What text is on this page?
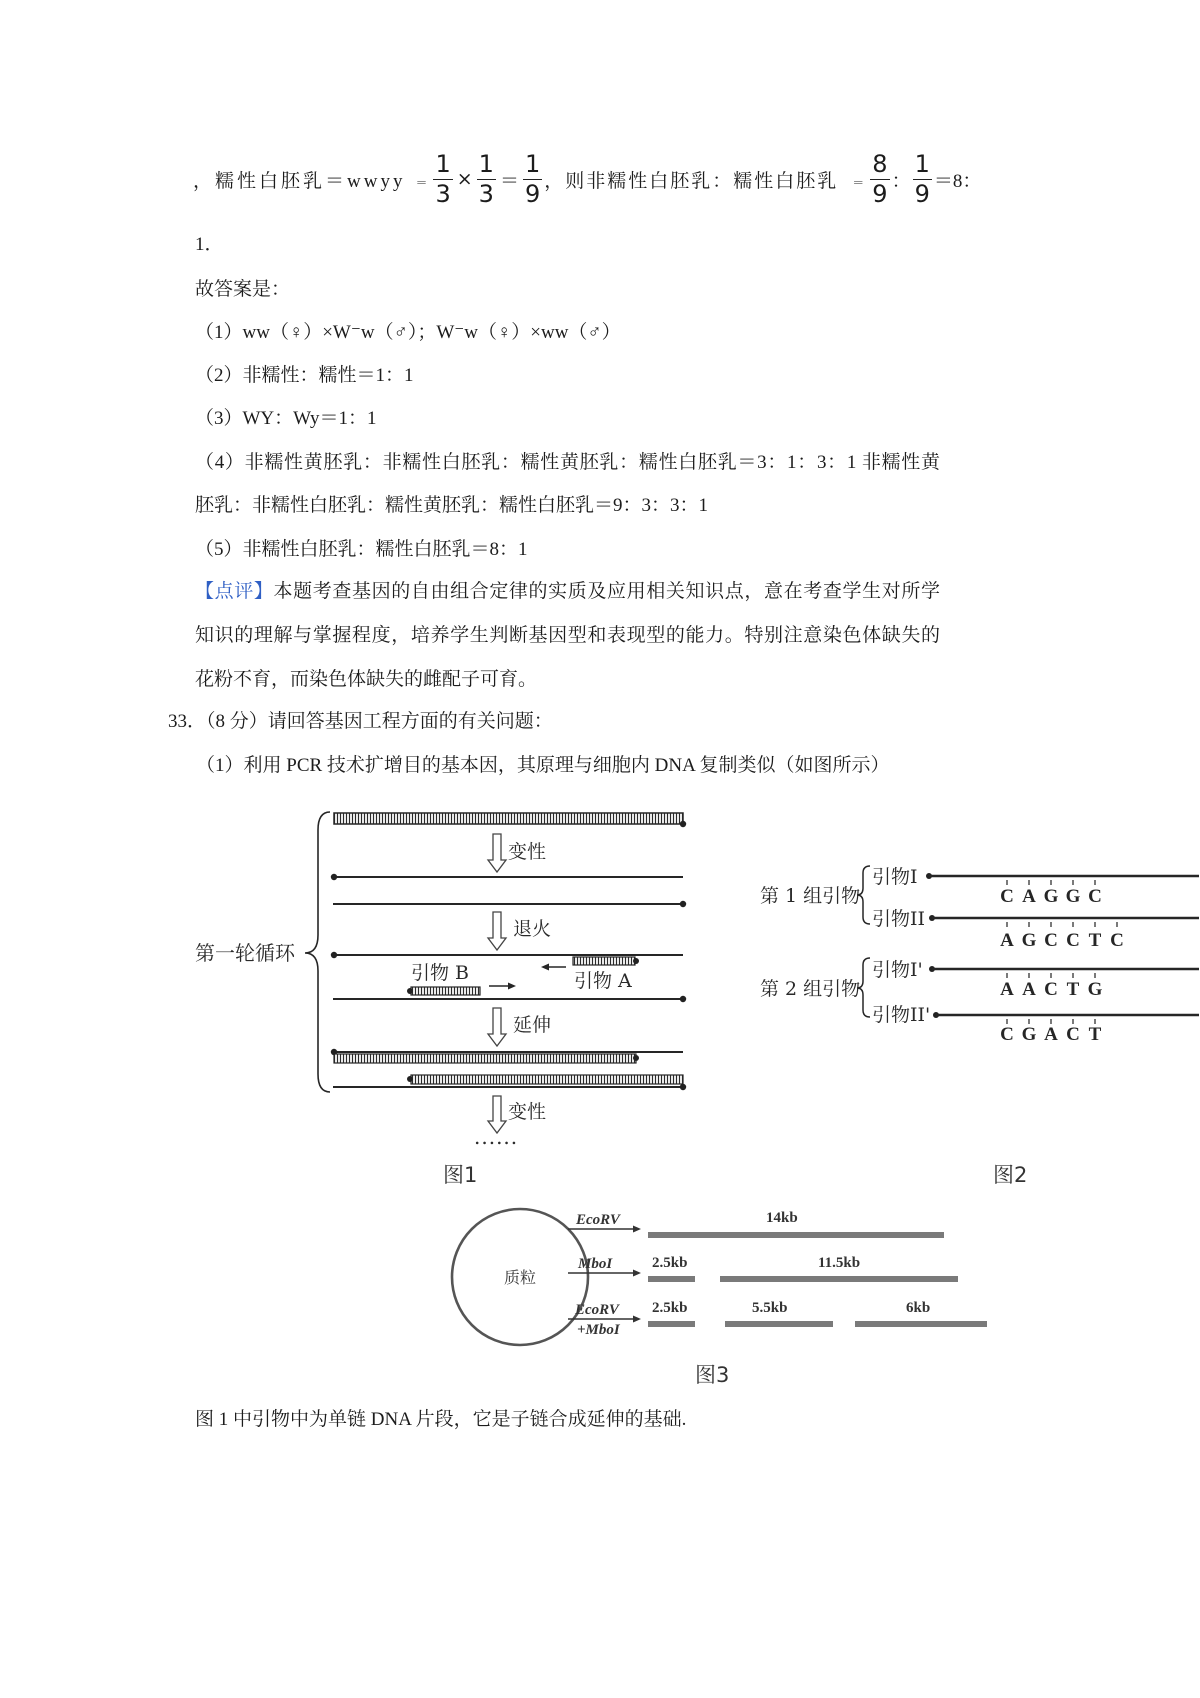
，糯性白胚乳＝wwyy ＝ $\frac{1}{3} \times \frac{1}{3} = \frac{1}{9}$ ，则非糯性白胚乳：糯性白胚乳 ＝ $\frac{8}{9}$ ： $\frac{1}{9} =8$：
1．
故答案是：
（1）ww（♀）×W⁻w（♂）；W⁻w（♀）×ww（♂）
（2）非糯性：糯性＝1：1
（3）WY：Wy＝1：1
（4）非糯性黄胚乳：非糯性白胚乳：糯性黄胚乳：糯性白胚乳＝3：1：3：1 非糯性黄
胚乳：非糯性白胚乳：糯性黄胚乳：糯性白胚乳＝9：3：3：1
（5）非糯性白胚乳：糯性白胚乳＝8：1
【点评】本题考查基因的自由组合定律的实质及应用相关知识点，意在考查学生对所学
知识的理解与掌握程度，培养学生判断基因型和表现型的能力。特别注意染色体缺失的
花粉不育，而染色体缺失的雌配子可育。
33．（8 分）请回答基因工程方面的有关问题：
（1）利用 PCR 技术扩增目的基本因，其原理与细胞内 DNA 复制类似（如图所示）
第一轮循环
变性
退火
引物 A
引物 B
延伸
变性
......
图1
第 1 组引物
引物I
CAGGC
引物II
AGCCTC
第 2 组引物
引物I'
AACTG
引物II'
CGACT
图2
质粒
EcoRV	14kb
MboI	2.5kb	11.5kb
EcoRV
+MboI
2.5kb	5.5kb	6kb
图3
图 1 中引物中为单链 DNA 片段，它是子链合成延伸的基础.
